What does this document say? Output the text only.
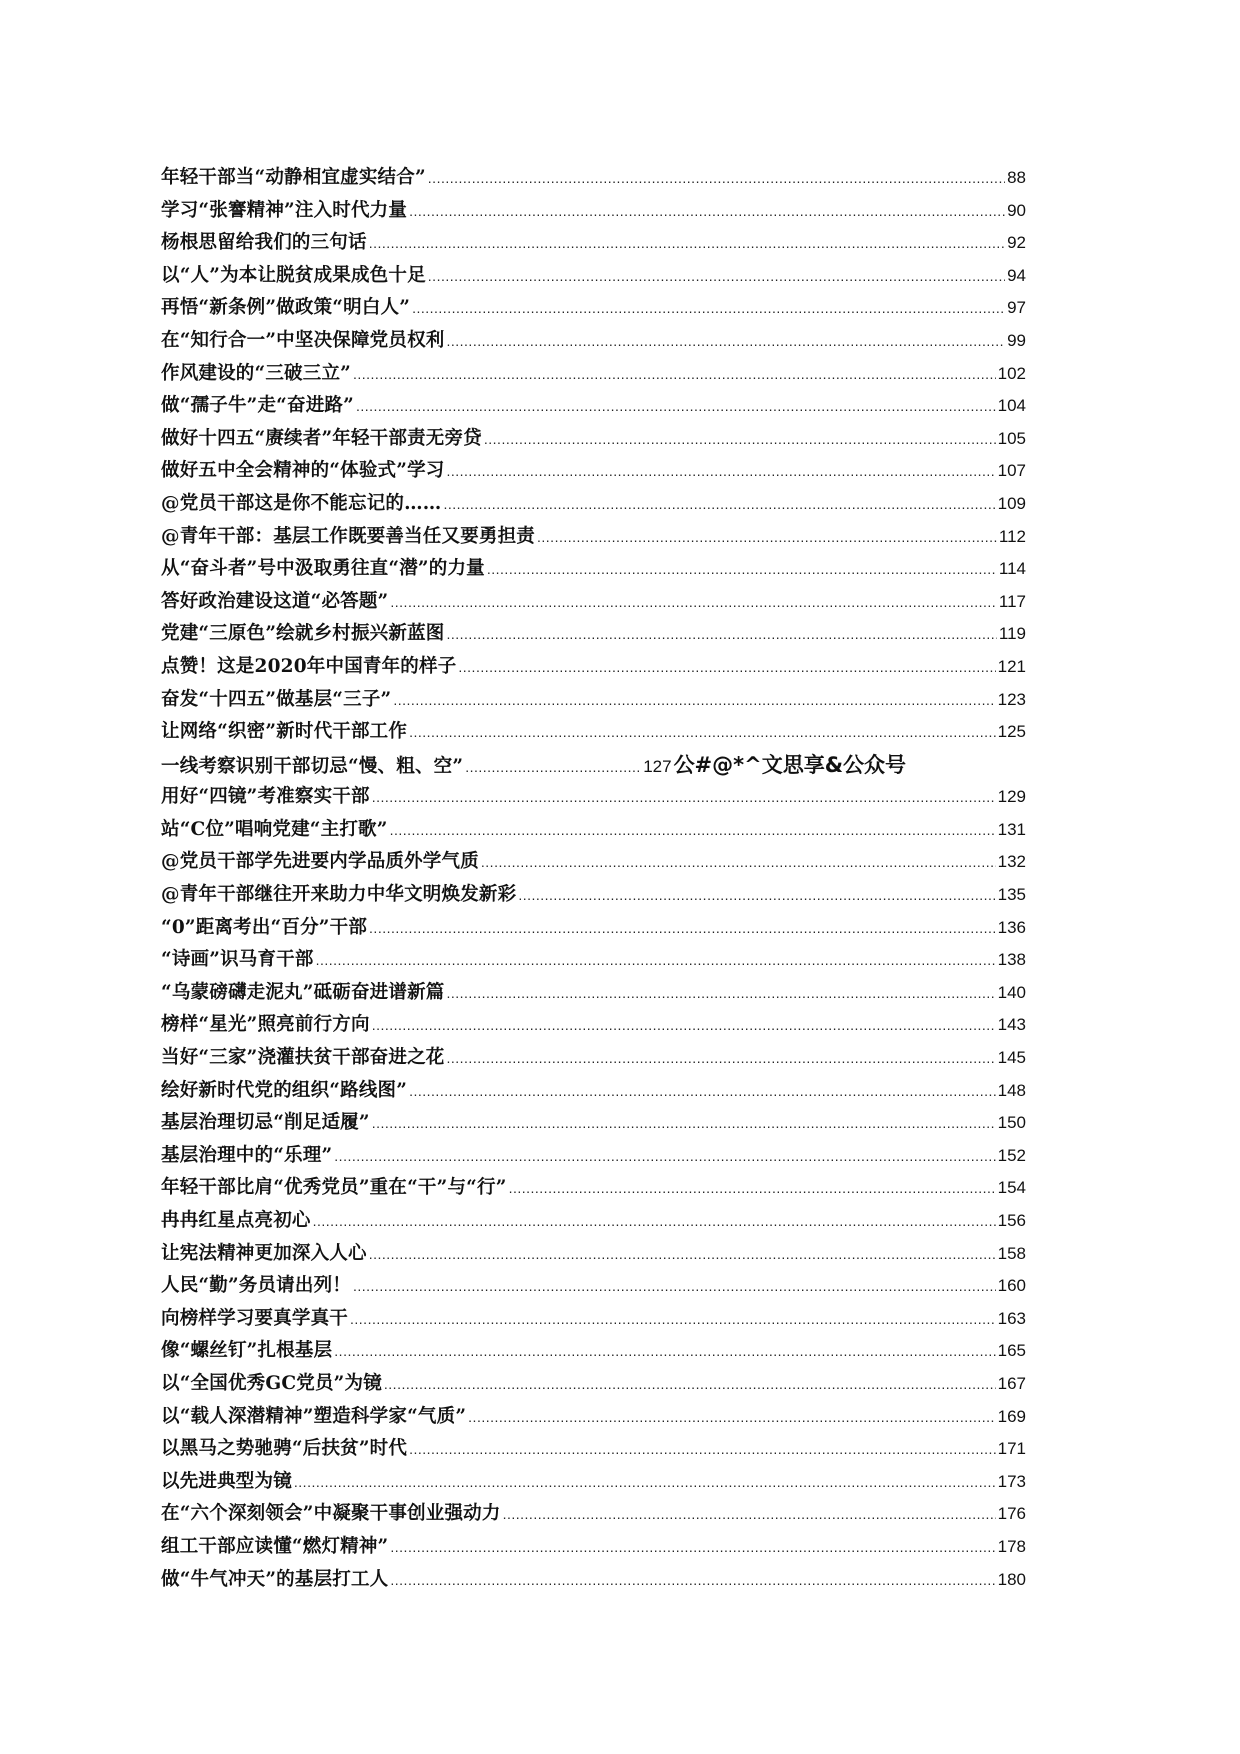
年轻干部当“动静相宜虚实结合” .....	88
学习“张謇精神”注入时代力量 .....	90
杨根思留给我们的三句话 .....	92
以“人”为本让脱贫成果成色十足 .....	94
再悟“新条例”做政策“明白人” .....	97
在“知行合一”中坚决保障党员权利 .....	99
作风建设的“三破三立” .....	102
做“孺子牛”走“奋进路” .....	104
做好十四五“赓续者”年轻干部责无旁贷 .....	105
做好五中全会精神的“体验式”学习 .....	107
@党员干部这是你不能忘记的…… .....	109
@青年干部：基层工作既要善当任又要勇担责 .....	112
从“奋斗者”号中汲取勇往直“潜”的力量 .....	114
答好政治建设这道“必答题” .....	117
党建“三原色”绘就乡村振兴新蓝图 .....	119
点赞！这是2020年中国青年的样子 .....	121
奋发“十四五”做基层“三子” .....	123
让网络“织密”新时代干部工作 .....	125
一线考察识别干部切忌“慢、粗、空” .....	127 公#@*^文思享&公众号
用好“四镜”考准察实干部 .....	129
站“C位”唱响党建“主打歌” .....	131
@党员干部学先进要内学品质外学气质 .....	132
@青年干部继往开来助力中华文明焕发新彩 .....	135
“0”距离考出“百分”干部 .....	136
“诗画”识马育干部 .....	138
“乌蒙磅礴走泥丸”砥砺奋进谱新篇 .....	140
榜样“星光”照亮前行方向 .....	143
当好“三家”浇灌扶贫干部奋进之花 .....	145
绘好新时代党的组织“路线图” .....	148
基层治理切忌“削足适履” .....	150
基层治理中的“乐理” .....	152
年轻干部比肩“优秀党员”重在“干”与“行” .....	154
冉冉红星点亮初心 .....	156
让宪法精神更加深入人心 .....	158
人民“勤”务员请出列！ .....	160
向榜样学习要真学真干 .....	163
像“螺丝钉”扎根基层 .....	165
以“全国优秀GC党员”为镜 .....	167
以“载人深潜精神”塑造科学家“气质” .....	169
以黑马之势驰骋“后扶贫”时代 .....	171
以先进典型为镜 .....	173
在“六个深刻领会”中凝聚干事创业强动力 .....	176
组工干部应读懂“燃灯精神” .....	178
做“牛气冲天”的基层打工人 .....	180
